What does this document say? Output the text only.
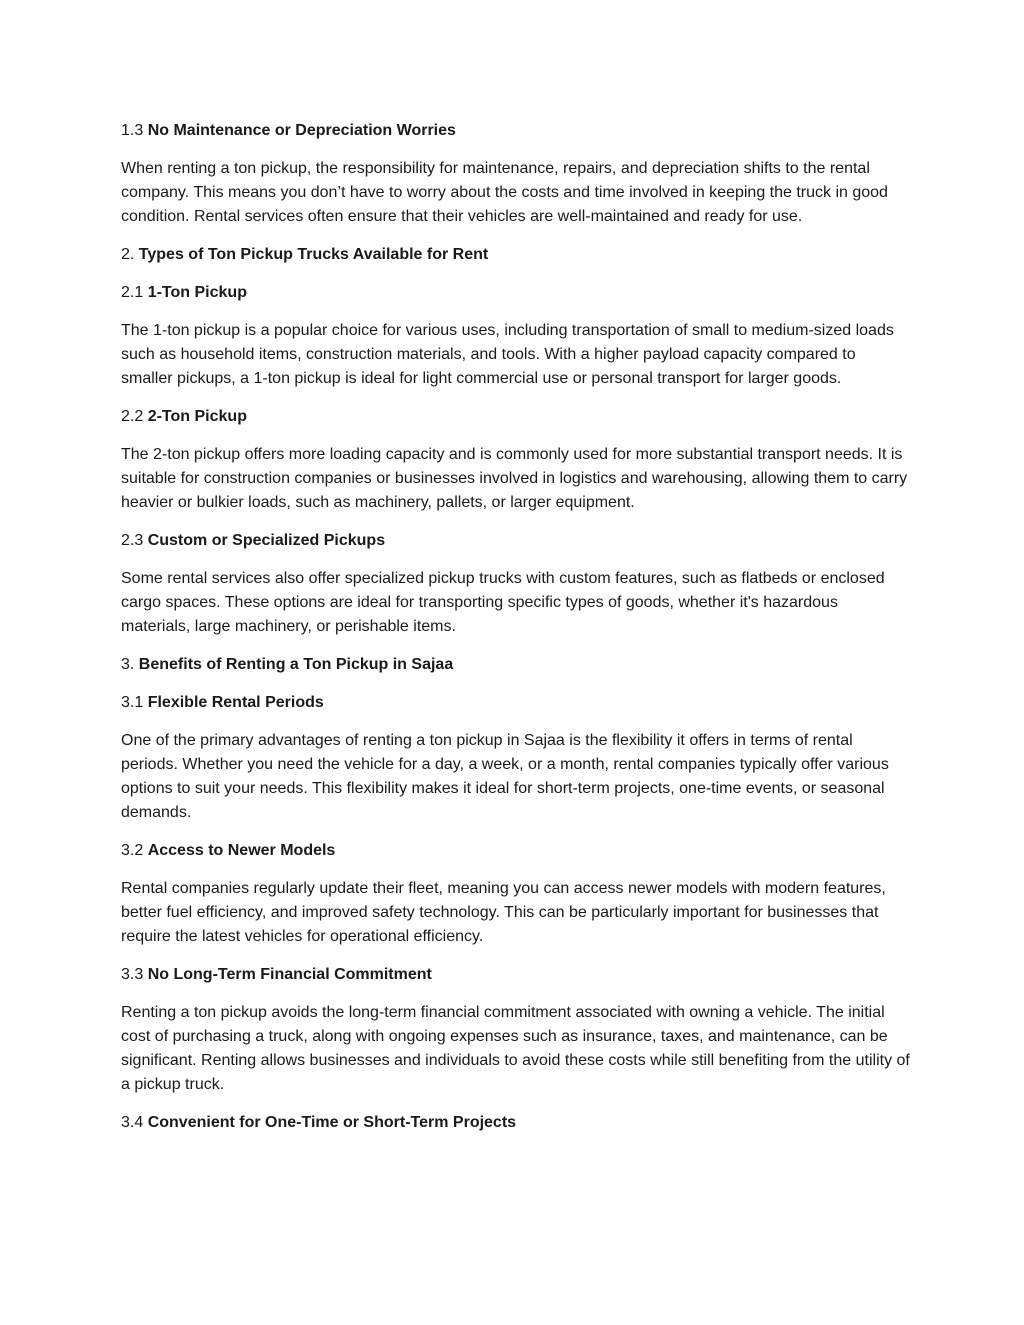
1.3 No Maintenance or Depreciation Worries

When renting a ton pickup, the responsibility for maintenance, repairs, and depreciation shifts to the rental company. This means you don’t have to worry about the costs and time involved in keeping the truck in good condition. Rental services often ensure that their vehicles are well-maintained and ready for use.

2. Types of Ton Pickup Trucks Available for Rent
2.1 1-Ton Pickup

The 1-ton pickup is a popular choice for various uses, including transportation of small to medium-sized loads such as household items, construction materials, and tools. With a higher payload capacity compared to smaller pickups, a 1-ton pickup is ideal for light commercial use or personal transport for larger goods.

2.2 2-Ton Pickup

The 2-ton pickup offers more loading capacity and is commonly used for more substantial transport needs. It is suitable for construction companies or businesses involved in logistics and warehousing, allowing them to carry heavier or bulkier loads, such as machinery, pallets, or larger equipment.

2.3 Custom or Specialized Pickups

Some rental services also offer specialized pickup trucks with custom features, such as flatbeds or enclosed cargo spaces. These options are ideal for transporting specific types of goods, whether it's hazardous materials, large machinery, or perishable items.

3. Benefits of Renting a Ton Pickup in Sajaa
3.1 Flexible Rental Periods

One of the primary advantages of renting a ton pickup in Sajaa is the flexibility it offers in terms of rental periods. Whether you need the vehicle for a day, a week, or a month, rental companies typically offer various options to suit your needs. This flexibility makes it ideal for short-term projects, one-time events, or seasonal demands.

3.2 Access to Newer Models

Rental companies regularly update their fleet, meaning you can access newer models with modern features, better fuel efficiency, and improved safety technology. This can be particularly important for businesses that require the latest vehicles for operational efficiency.

3.3 No Long-Term Financial Commitment

Renting a ton pickup avoids the long-term financial commitment associated with owning a vehicle. The initial cost of purchasing a truck, along with ongoing expenses such as insurance, taxes, and maintenance, can be significant. Renting allows businesses and individuals to avoid these costs while still benefiting from the utility of a pickup truck.

3.4 Convenient for One-Time or Short-Term Projects
